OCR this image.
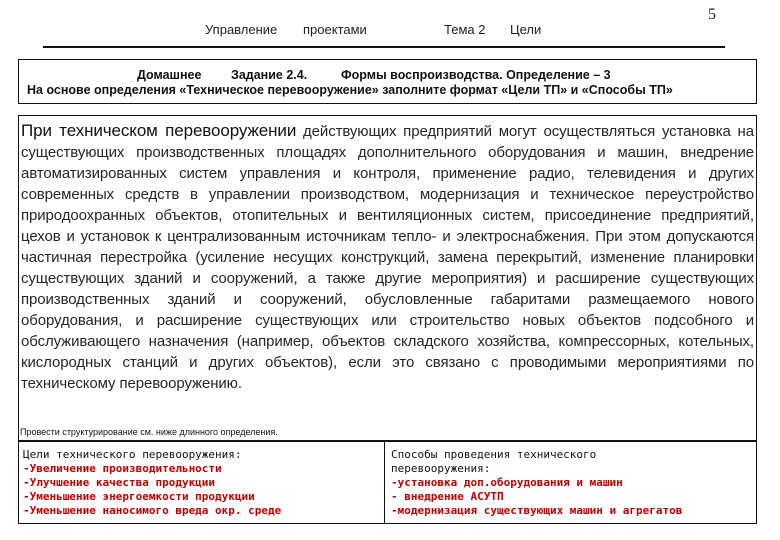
Управление проектами	Тема 2 Цели
5

Домашнее

Задание 2.4.

	Формы воспроизводства. Определение – 3

На основе определения «Техническое перевооружение» заполните формат «Цели ТП» и «Способы ТП»
При техническом перевооружении действующих предприятий могут осуществляться установка на существующих производственных площадях дополнительного оборудования и машин, внедрение автоматизированных систем управления и контроля, применение радио, телевидения и других современных средств в управлении производством, модернизация и техническое переустройство природоохранных объектов, отопительных и вентиляционных систем, присоединение предприятий, цехов и установок к централизованным источникам тепло- и электроснабжения. При этом допускаются частичная перестройка (усиление несущих конструкций, замена перекрытий, изменение планировки существующих зданий и сооружений, а также другие мероприятия) и расширение существующих производственных зданий и сооружений, обусловленные габаритами размещаемого нового оборудования, и расширение существующих или строительство новых объектов подсобного и обслуживающего назначения (например, объектов складского хозяйства, компрессорных, котельных, кислородных станций и других объектов), если это связано с проводимыми мероприятиями по техническому перевооружению.
Провести структурирование см. ниже длинного определения.
Цели технического перевооружения:
-Увеличение производительности
-Улучшение качества продукции
-Уменьшение энергоемкости продукции
-Уменьшение наносимого вреда окр. среде
Способы проведения технического
перевооружения:
-установка доп.оборудования и машин
- внедрение АСУТП
-модернизация существующих машин и агрегатов
